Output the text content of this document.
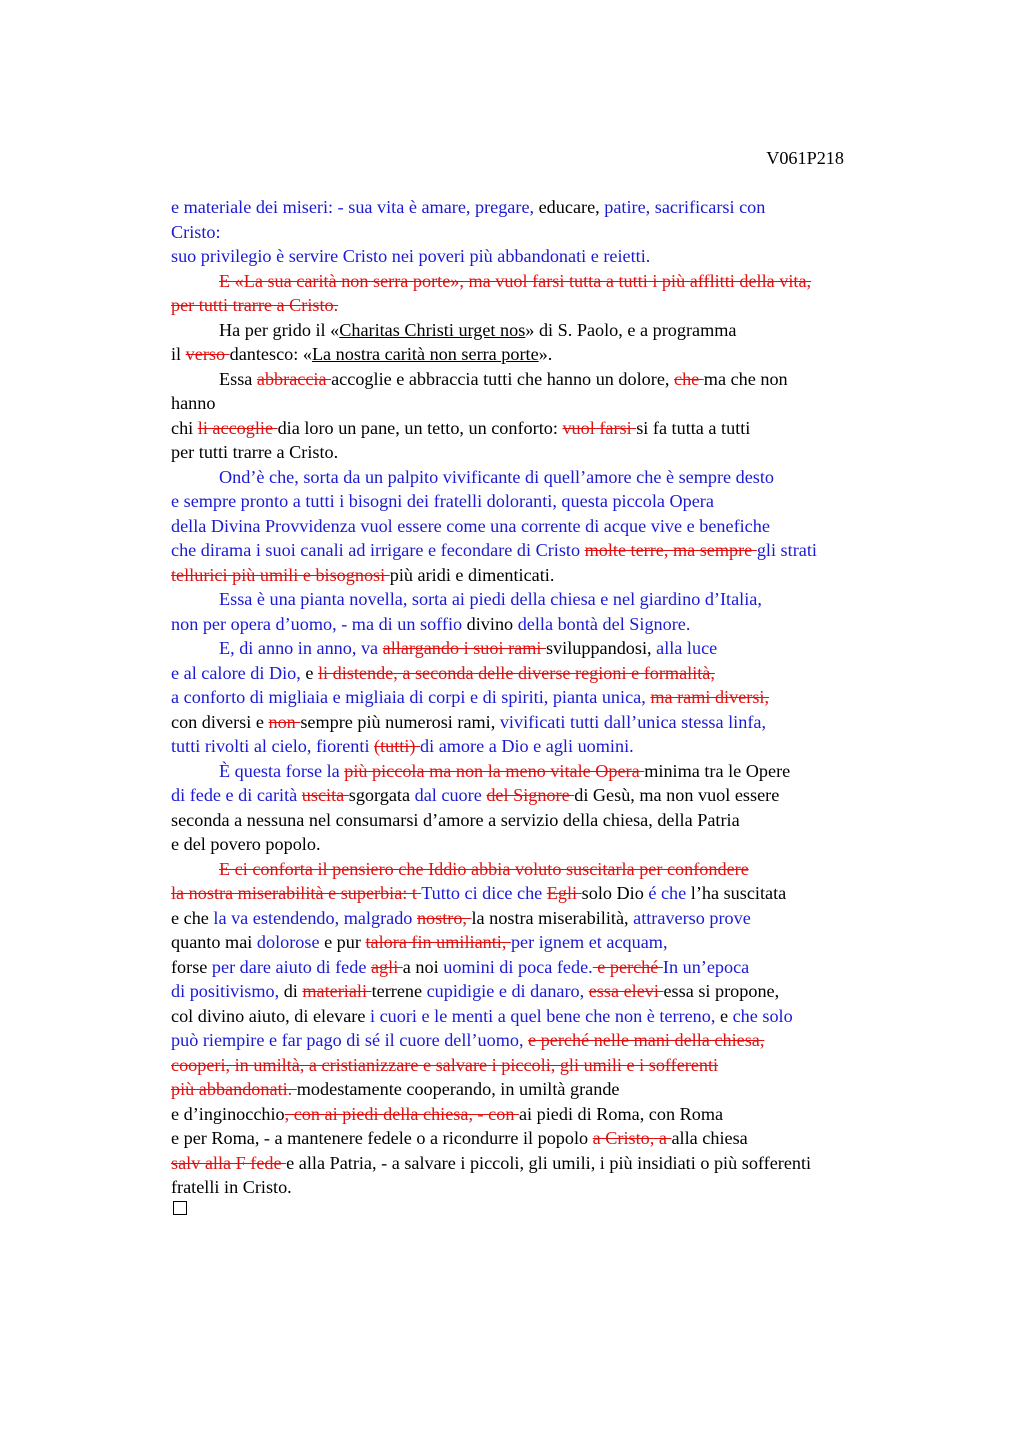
V061P218
e materiale dei miseri: - sua vita è amare, pregare, educare, patire, sacrificarsi con
Cristo:
suo privilegio è servire Cristo nei poveri più abbandonati e reietti.
E «La sua carità non serra porte», ma vuol farsi tutta a tutti i più afflitti della vita,
per tutti trarre a Cristo.
Ha per grido il «Charitas Christi urget nos» di S. Paolo, e a programma
il verso dantesco: «La nostra carità non serra porte».
Essa abbraccia accoglie e abbraccia tutti che hanno un dolore, che ma che non
hanno
chi li accoglie dia loro un pane, un tetto, un conforto: vuol farsi si fa tutta a tutti
per tutti trarre a Cristo.
Ond’è che, sorta da un palpito vivificante di quell’amore che è sempre desto
e sempre pronto a tutti i bisogni dei fratelli doloranti, questa piccola Opera
della Divina Provvidenza vuol essere come una corrente di acque vive e benefiche
che dirama i suoi canali ad irrigare e fecondare di Cristo molte terre, ma sempre gli strati
tellurici più umili e bisognosi più aridi e dimenticati.
Essa è una pianta novella, sorta ai piedi della chiesa e nel giardino d’Italia,
non per opera d’uomo, - ma di un soffio divino della bontà del Signore.
E, di anno in anno, va allargando i suoi rami sviluppandosi, alla luce
e al calore di Dio, e li distende, a seconda delle diverse regioni e formalità,
a conforto di migliaia e migliaia di corpi e di spiriti, pianta unica, ma rami diversi,
con diversi e non sempre più numerosi rami, vivificati tutti dall’unica stessa linfa,
tutti rivolti al cielo, fiorenti (tutti) di amore a Dio e agli uomini.
È questa forse la più piccola ma non la meno vitale Opera minima tra le Opere
di fede e di carità uscita sgorgata dal cuore del Signore di Gesù, ma non vuol essere
seconda a nessuna nel consumarsi d’amore a servizio della chiesa, della Patria
e del povero popolo.
E ci conforta il pensiero che Iddio abbia voluto suscitarla per confondere
la nostra miserabilità e superbia: t Tutto ci dice che Egli solo Dio é che l’ha suscitata
e che la va estendendo, malgrado nostro, la nostra miserabilità, attraverso prove
quanto mai dolorose e pur talora fin umilianti, per ignem et acquam,
forse per dare aiuto di fede agli a noi uomini di poca fede. e perché In un’epoca
di positivismo, di materiali terrene cupidigie e di danaro, essa elevi essa si propone,
col divino aiuto, di elevare i cuori e le menti a quel bene che non è terreno, e che solo
può riempire e far pago di sé il cuore dell’uomo, e perché nelle mani della chiesa,
cooperi, in umiltà, a cristianizzare e salvare i piccoli, gli umili e i sofferenti
più abbandonati. modestamente cooperando, in umiltà grande
e d’inginocchio, con ai piedi della chiesa, - con ai piedi di Roma, con Roma
e per Roma, - a mantenere fedele o a ricondurre il popolo a Cristo, a alla chiesa
salv alla F fede e alla Patria, - a salvare i piccoli, gli umili, i più insidiati o più sofferenti
fratelli in Cristo.
